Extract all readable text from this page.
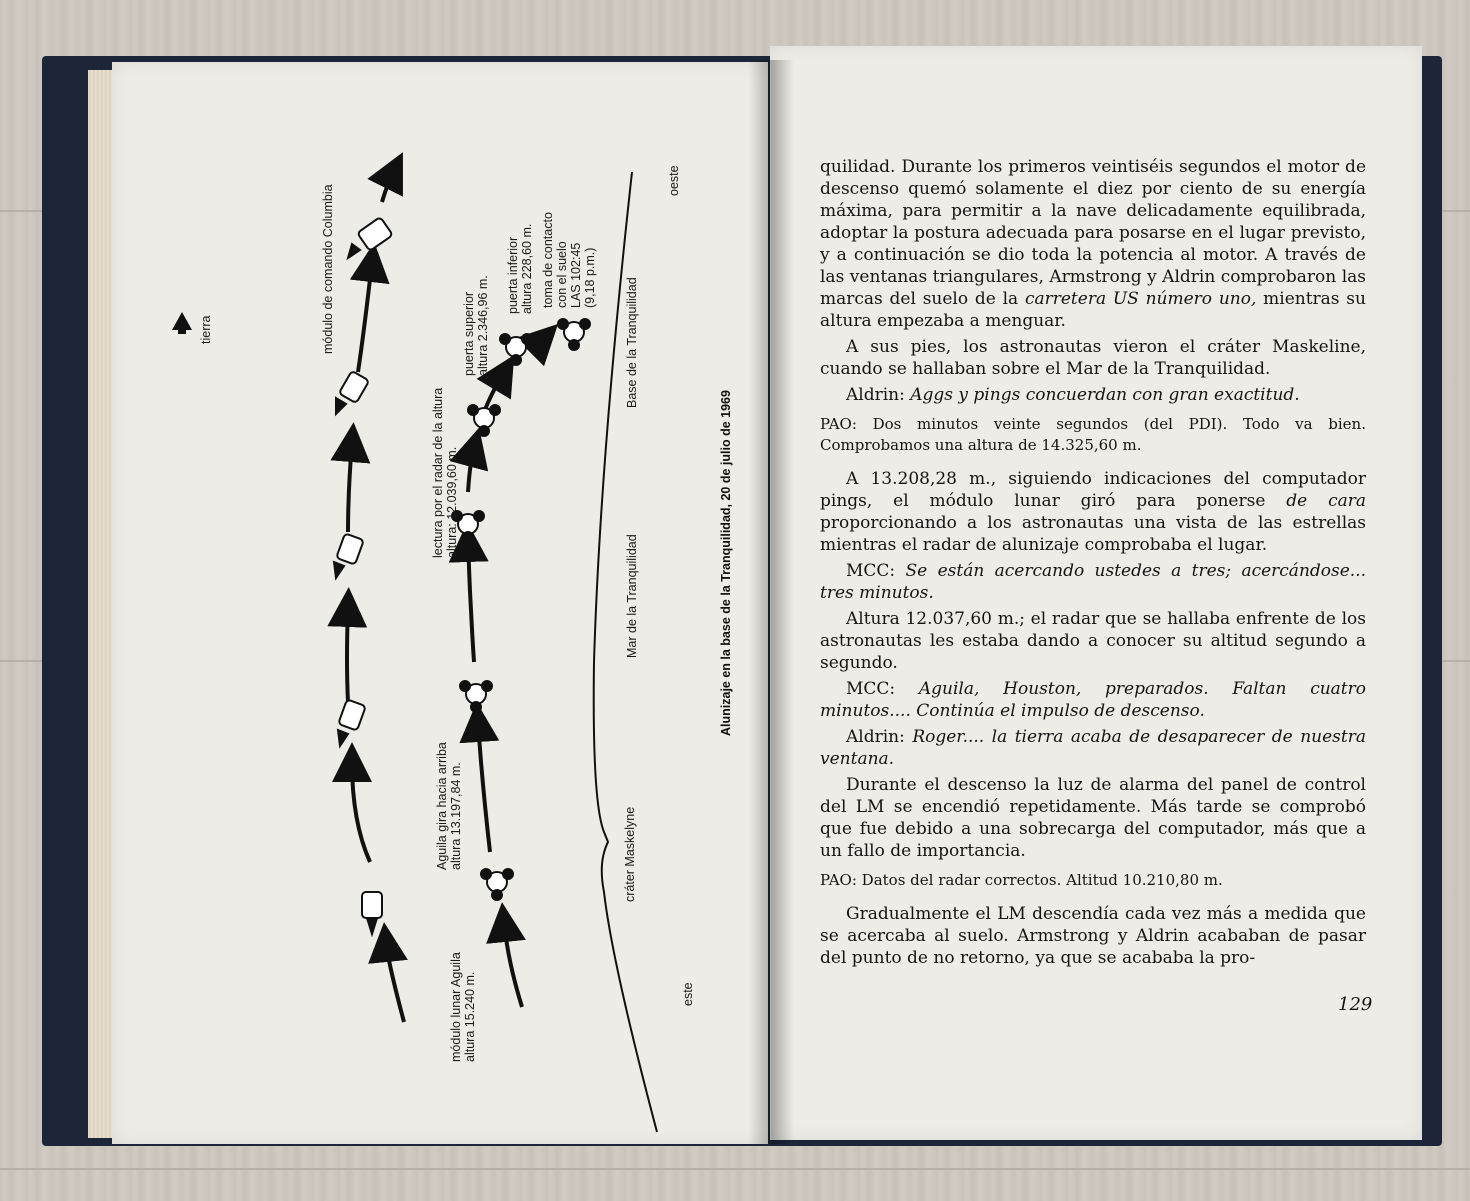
tierra	módulo de comando Columbia
módulo lunar Aguila altura 15.240 m.
Aguila gira hacia arriba altura 13.197,84 m.
lectura por el radar de la altura altura: 12.039,60 m.
puerta superior altura 2.346,96 m. puerta inferior altura 228,60 m. toma de contacto con el suelo LAS 102:45 (9,18 p.m.)
cráter Maskelyne
Mar de la Tranquilidad
Base de la Tranquilidad
este
oeste
Alunizaje en la base de la Tranquilidad, 20 de julio de 1969

quilidad. Durante los primeros veintiséis segundos el motor de descenso quemó solamente el diez por ciento de su energía máxima, para permitir a la nave delicadamente equilibrada, adoptar la postura adecuada para posarse en el lugar previsto, y a continuación se dio toda la potencia al motor. A través de las ventanas triangulares, Armstrong y Aldrin comprobaron las marcas del suelo de la carretera US número uno, mientras su altura empezaba a menguar.

A sus pies, los astronautas vieron el cráter Maskeline, cuando se hallaban sobre el Mar de la Tranquilidad.

Aldrin: Aggs y pings concuerdan con gran exactitud.

PAO: Dos minutos veinte segundos (del PDI). Todo va bien. Comprobamos una altura de 14.325,60 m.

A 13.208,28 m., siguiendo indicaciones del computador pings, el módulo lunar giró para ponerse de cara proporcionando a los astronautas una vista de las estrellas mientras el radar de alunizaje comprobaba el lugar.

MCC: Se están acercando ustedes a tres; acercándose... tres minutos.

Altura 12.037,60 m.; el radar que se hallaba enfrente de los astronautas les estaba dando a conocer su altitud segundo a segundo.

MCC: Aguila, Houston, preparados. Faltan cuatro minutos.... Continúa el impulso de descenso.

Aldrin: Roger.... la tierra acaba de desaparecer de nuestra ventana.

Durante el descenso la luz de alarma del panel de control del LM se encendió repetidamente. Más tarde se comprobó que fue debido a una sobrecarga del computador, más que a un fallo de importancia.

PAO: Datos del radar correctos. Altitud 10.210,80 m.

Gradualmente el LM descendía cada vez más a medida que se acercaba al suelo. Armstrong y Aldrin acababan de pasar del punto de no retorno, ya que se acababa la pro-

129
